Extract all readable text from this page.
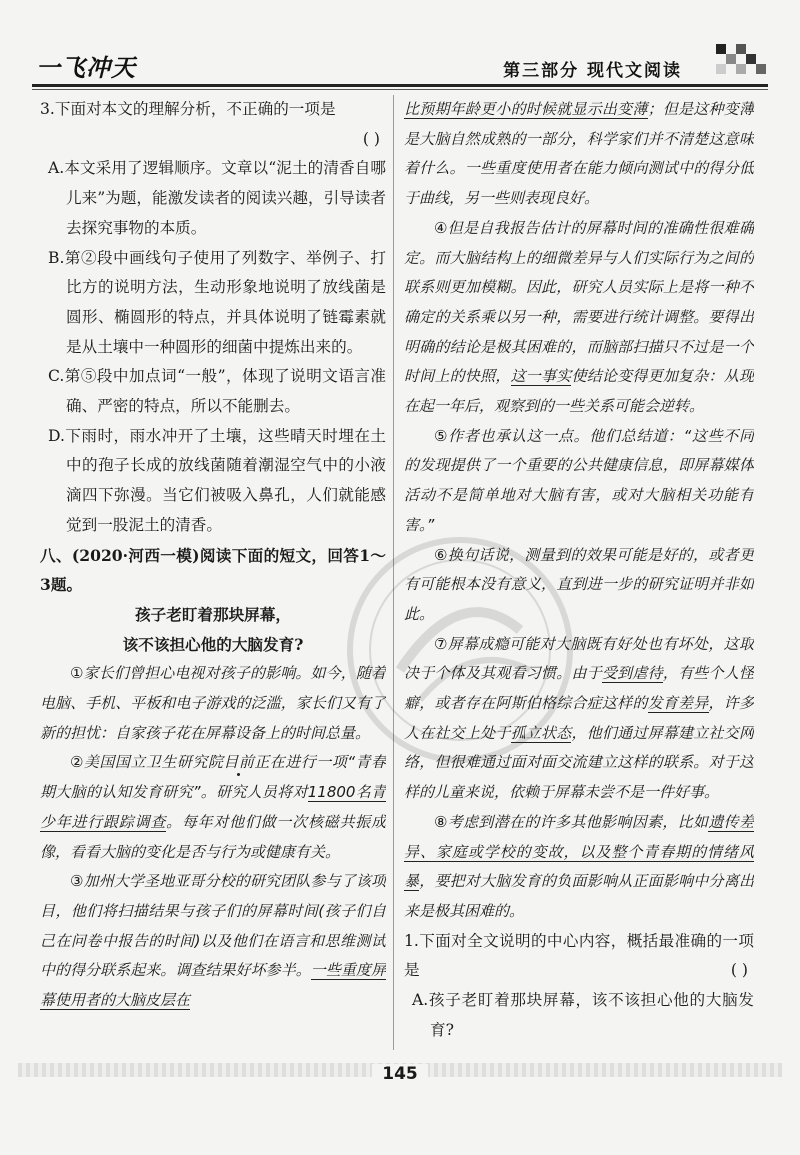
一飞冲天	第三部分 现代文阅读

3.下面对本文的理解分析，不正确的一项是

( )

A.本文采用了逻辑顺序。文章以“泥土的清香自哪儿来”为题，能激发读者的阅读兴趣，引导读者去探究事物的本质。

B.第②段中画线句子使用了列数字、举例子、打比方的说明方法，生动形象地说明了放线菌是圆形、椭圆形的特点，并具体说明了链霉素就是从土壤中一种圆形的细菌中提炼出来的。

C.第⑤段中加点词“一般”，体现了说明文语言准确、严密的特点，所以不能删去。

D.下雨时，雨水冲开了土壤，这些晴天时埋在土中的孢子长成的放线菌随着潮湿空气中的小液滴四下弥漫。当它们被吸入鼻孔，人们就能感觉到一股泥土的清香。

八、(2020·河西一模)阅读下面的短文，回答1～3题。

孩子老盯着那块屏幕，

该不该担心他的大脑发育?

①家长们曾担心电视对孩子的影响。如今，随着电脑、手机、平板和电子游戏的泛滥，家长们又有了新的担忧：自家孩子花在屏幕设备上的时间总量。

②美国国立卫生研究院目前正在进行一项“青春期大脑的认知发育研究”。研究人员将对11800名青少年进行跟踪调查。每年对他们做一次核磁共振成像，看看大脑的变化是否与行为或健康有关。

③加州大学圣地亚哥分校的研究团队参与了该项目，他们将扫描结果与孩子们的屏幕时间(孩子们自己在问卷中报告的时间)以及他们在语言和思维测试中的得分联系起来。调查结果好坏参半。一些重度屏幕使用者的大脑皮层在

比预期年龄更小的时候就显示出变薄；但是这种变薄是大脑自然成熟的一部分，科学家们并不清楚这意味着什么。一些重度使用者在能力倾向测试中的得分低于曲线，另一些则表现良好。

④但是自我报告估计的屏幕时间的准确性很难确定。而大脑结构上的细微差异与人们实际行为之间的联系则更加模糊。因此，研究人员实际上是将一种不确定的关系乘以另一种，需要进行统计调整。要得出明确的结论是极其困难的，而脑部扫描只不过是一个时间上的快照，这一事实使结论变得更加复杂：从现在起一年后，观察到的一些关系可能会逆转。

⑤作者也承认这一点。他们总结道：“这些不同的发现提供了一个重要的公共健康信息，即屏幕媒体活动不是简单地对大脑有害，或对大脑相关功能有害。”

⑥换句话说，测量到的效果可能是好的，或者更有可能根本没有意义，直到进一步的研究证明并非如此。

⑦屏幕成瘾可能对大脑既有好处也有坏处，这取决于个体及其观看习惯。由于受到虐待，有些个人怪癖，或者存在阿斯伯格综合症这样的发育差异，许多人在社交上处于孤立状态，他们通过屏幕建立社交网络，但很难通过面对面交流建立这样的联系。对于这样的儿童来说，依赖于屏幕未尝不是一件好事。

⑧考虑到潜在的许多其他影响因素，比如遗传差异、家庭或学校的变故，以及整个青春期的情绪风暴，要把对大脑发育的负面影响从正面影响中分离出来是极其困难的。

1.下面对全文说明的中心内容，概括最准确的一项是	( )

A.孩子老盯着那块屏幕，该不该担心他的大脑发育?

145
